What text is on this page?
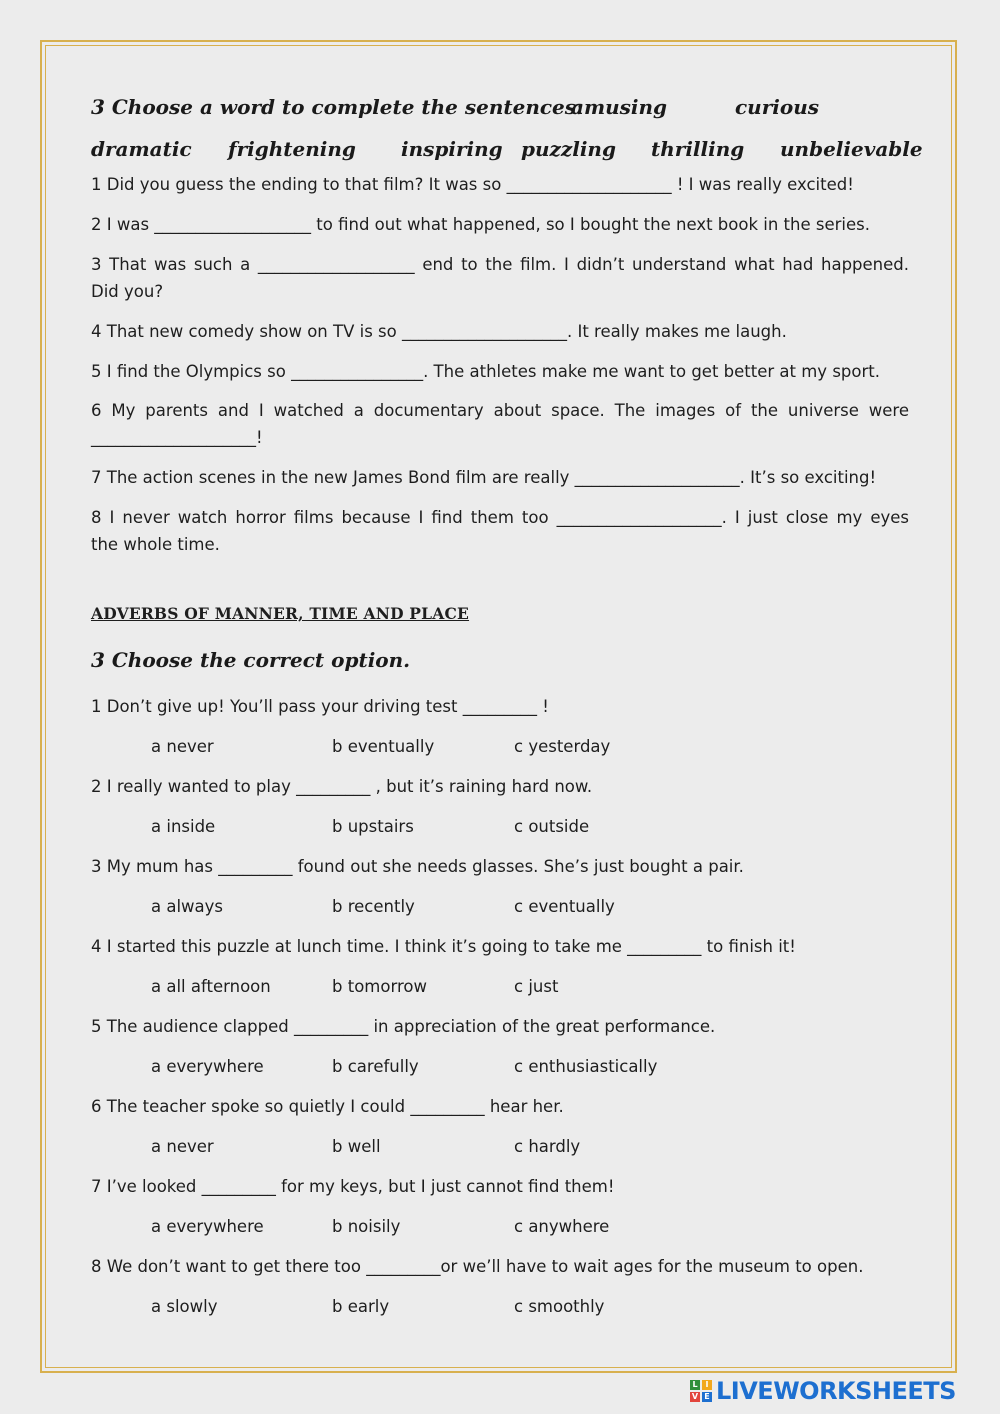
3 Choose a word to complete the sentences:
amusing	curious
dramatic frightening inspiring puzzling thrilling unbelievable
1 Did you guess the ending to that film? It was so ____________________ ! I was really excited!
2 I was ___________________ to find out what happened, so I bought the next book in the series.
3 That was such a ___________________ end to the film. I didn’t understand what had happened.
Did you?
4 That new comedy show on TV is so ____________________. It really makes me laugh.
5 I find the Olympics so ________________. The athletes make me want to get better at my sport.
6 My parents and I watched a documentary about space. The images of the universe were
____________________!
7 The action scenes in the new James Bond film are really ____________________. It’s so exciting!
8 I never watch horror films because I find them too ____________________. I just close my eyes
the whole time.
ADVERBS OF MANNER, TIME AND PLACE
3 Choose the correct option.
1 Don’t give up! You’ll pass your driving test _________ !
a never	b eventually	c yesterday
2 I really wanted to play _________ , but it’s raining hard now.
a inside	b upstairs	c outside
3 My mum has _________ found out she needs glasses. She’s just bought a pair.
a always	b recently	c eventually
4 I started this puzzle at lunch time. I think it’s going to take me _________ to finish it!
a all afternoon	b tomorrow	c just
5 The audience clapped _________ in appreciation of the great performance.
a everywhere	b carefully	c enthusiastically
6 The teacher spoke so quietly I could _________ hear her.
a never	b well	c hardly
7 I’ve looked _________ for my keys, but I just cannot find them!
a everywhere	b noisily	c anywhere
8 We don’t want to get there too _________or we’ll have to wait ages for the museum to open.
a slowly	b early	c smoothly
L I
V E LIVEWORKSHEETS
